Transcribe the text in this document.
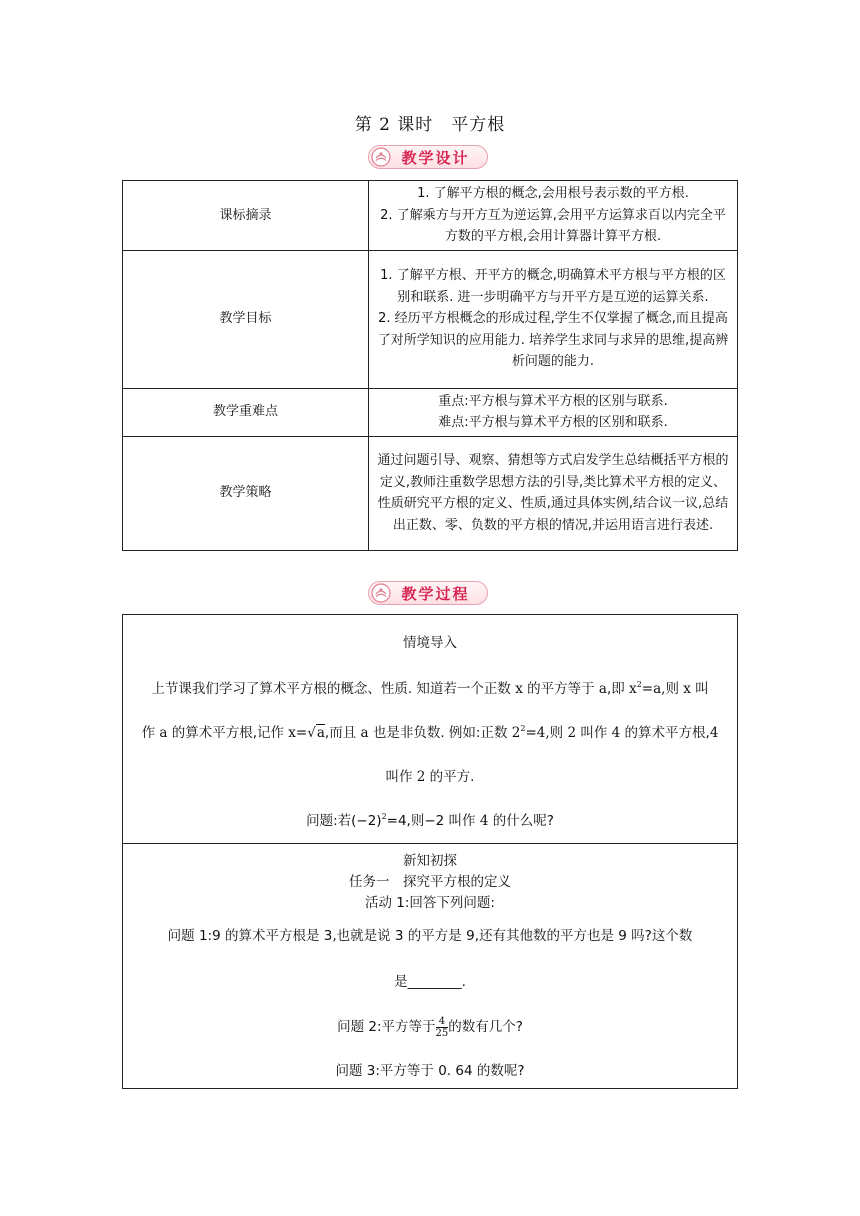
第 2 课时　平方根
教学设计
课标摘录	1. 了解平方根的概念,会用根号表示数的平方根.
2. 了解乘方与开方互为逆运算,会用平方运算求百以内完全平方数的平方根,会用计算器计算平方根.

教学目标	1. 了解平方根、开平方的概念,明确算术平方根与平方根的区别和联系. 进一步明确平方与开平方是互逆的运算关系.
2. 经历平方根概念的形成过程,学生不仅掌握了概念,而且提高了对所学知识的应用能力. 培养学生求同与求异的思维,提高辨析问题的能力.

教学重难点	重点:平方根与算术平方根的区别与联系.
难点:平方根与算术平方根的区别和联系.

教学策略	通过问题引导、观察、猜想等方式启发学生总结概括平方根的定义,教师注重数学思想方法的引导,类比算术平方根的定义、性质研究平方根的定义、性质,通过具体实例,结合议一议,总结出正数、零、负数的平方根的情况,并运用语言进行表述.
教学过程
情境导入
上节课我们学习了算术平方根的概念、性质. 知道若一个正数 x 的平方等于 a,即 $x^2=a$,则 x 叫
作 a 的算术平方根,记作 x=√a,而且 a 也是非负数. 例如:正数 $2^2=4$,则 2 叫作 4 的算术平方根,4
叫作 2 的平方.
问题:若$(-2)^2=4$,则−2 叫作 4 的什么呢?
新知初探
任务一　探究平方根的定义
活动 1:回答下列问题:
问题 1:9 的算术平方根是 3,也就是说 3 的平方是 9,还有其他数的平方也是 9 吗?这个数
是________.
问题 2:平方等于 $\frac{4}{25}$ 的数有几个?
问题 3:平方等于 0. 64 的数呢?
